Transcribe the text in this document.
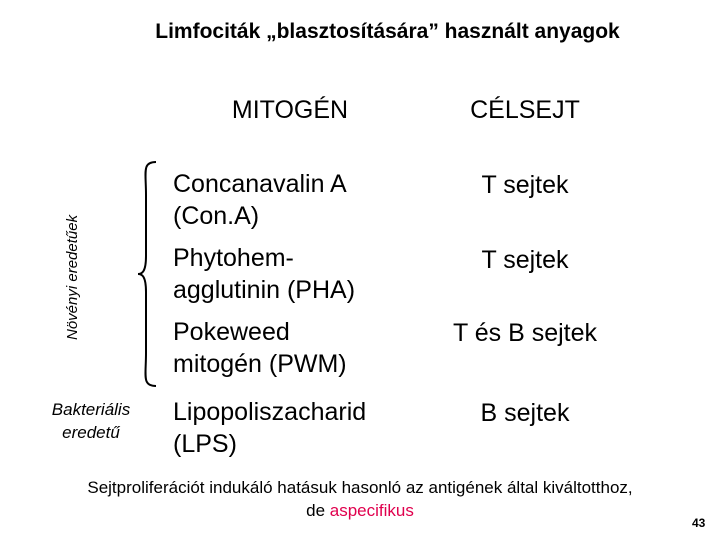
Limfociták „blasztosítására” használt anyagok
MITOGÉN	CÉLSEJT
Növényi eredetűek
Bakteriális
eredetű
Concanavalin A
(Con.A)
T sejtek
Phytohem-
agglutinin (PHA)
T sejtek
Pokeweed
mitogén (PWM)
T és B sejtek
Lipopoliszacharid
(LPS)
B sejtek
Sejtproliferációt indukáló hatásuk hasonló az antigének által kiváltotthoz,
de aspecifikus
43
